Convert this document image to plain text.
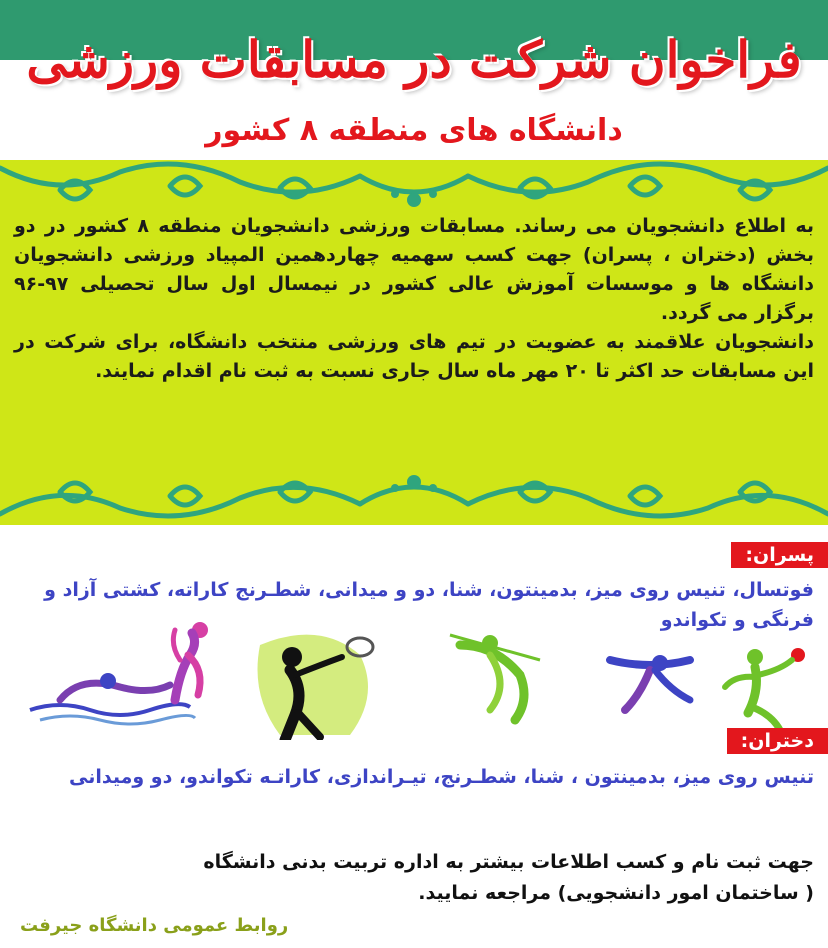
فراخوان شرکت در مسابقات ورزشی
دانشگاه های منطقه ۸ کشور

به اطلاع دانشجویان می رساند. مسابقات ورزشی دانشجویان منطقه ۸ کشور در دو بخش (دختران ، پسران) جهت کسب سهمیه چهاردهمین المپیاد ورزشی دانشجویان دانشگاه ها و موسسات آموزش عالی کشور در نیمسال اول سال تحصیلی ۹۷-۹۶ برگزار می گردد.

دانشجویان علاقمند به عضویت در تیم های ورزشی منتخب دانشگاه، برای شرکت در این مسابقات حد اکثر تا ۲۰ مهر ماه سال جاری نسبت به ثبت نام اقدام نمایند.

پسران:
فوتسال، تنیس روی میز، بدمینتون، شنا، دو و میدانی، شطـرنج کاراته، کشتی آزاد و فرنگی و تکواندو
دختران:
تنیس روی میز، بدمینتون ، شنا، شطـرنج، تیـراندازی، کاراتـه تکواندو، دو ومیدانی

جهت ثبت نام و کسب اطلاعات بیشتر به اداره تربیت بدنی دانشگاه

( ساختمان امور دانشجویی) مراجعه نمایید.

روابط عمومی دانشگاه جیرفت
